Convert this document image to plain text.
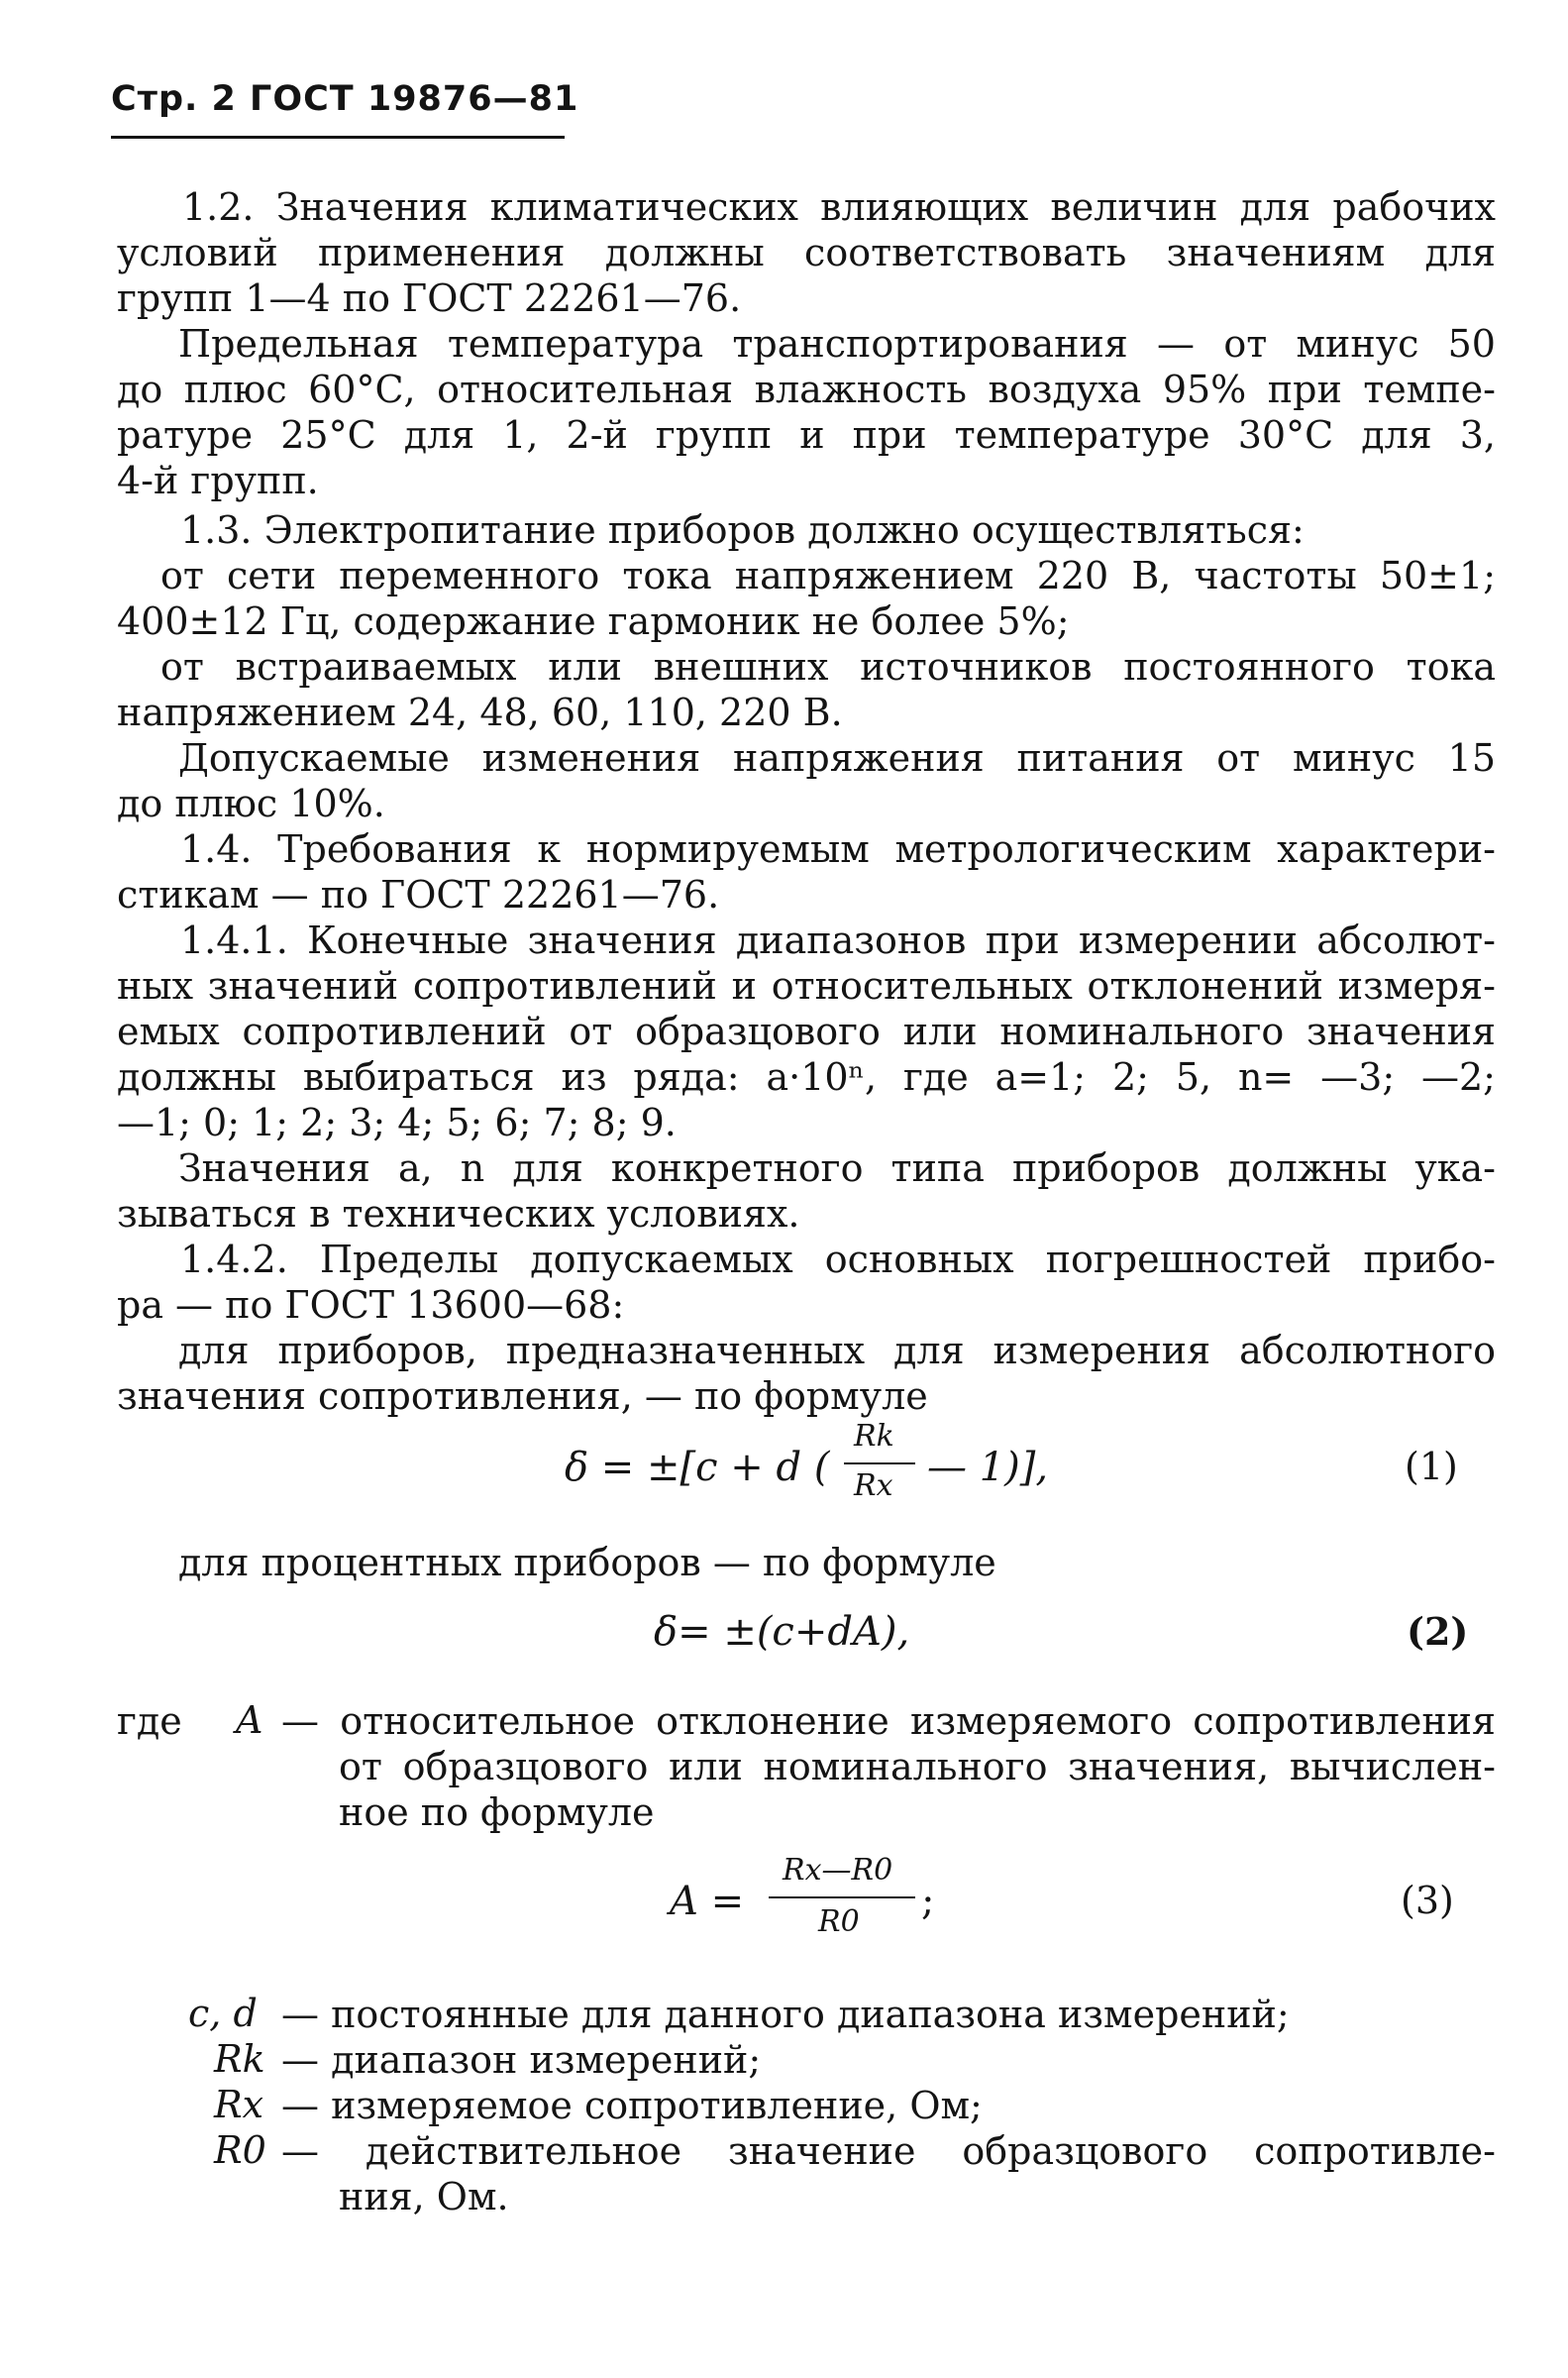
Стр. 2 ГОСТ 19876—81

1.2. Значения климатических влияющих величин для рабочих

условий применения должны соответствовать значениям для

групп 1—4 по ГОСТ 22261—76.

Предельная температура транспортирования — от минус 50

до плюс 60°С, относительная влажность воздуха 95% при темпе-

ратуре 25°С для 1, 2-й групп и при температуре 30°С для 3,

4-й групп.

1.3. Электропитание приборов должно осуществляться:

от сети переменного тока напряжением 220 В, частоты 50±1;

400±12 Гц, содержание гармоник не более 5%;

от встраиваемых или внешних источников постоянного тока

напряжением 24, 48, 60, 110, 220 В.

Допускаемые изменения напряжения питания от минус 15

до плюс 10%.

1.4. Требования к нормируемым метрологическим характери-

стикам — по ГОСТ 22261—76.

1.4.1. Конечные значения диапазонов при измерении абсолют-

ных значений сопротивлений и относительных отклонений измеря-

емых сопротивлений от образцового или номинального значения

должны выбираться из ряда: a·10ⁿ, где a=1; 2; 5, n= —3; —2;

—1; 0; 1; 2; 3; 4; 5; 6; 7; 8; 9.

Значения a, n для конкретного типа приборов должны ука-

зываться в технических условиях.

1.4.2. Пределы допускаемых основных погрешностей прибо-

ра — по ГОСТ 13600—68:

для приборов, предназначенных для измерения абсолютного

значения сопротивления, — по формуле

δ = ±[c + d (
Rk
Rx — 1)],	(1)

для процентных приборов — по формуле

δ= ±(c+dA),	(2)
где A — относительное отклонение измеряемого сопротивления

от образцового или номинального значения, вычислен-

ное по формуле

A =
Rx—R0
R0 ;	(3)
c, d — постоянные для данного диапазона измерений;

Rk — диапазон измерений;

Rx — измеряемое сопротивление, Ом;

R0 — действительное значение образцового сопротивле-

ния, Ом.
